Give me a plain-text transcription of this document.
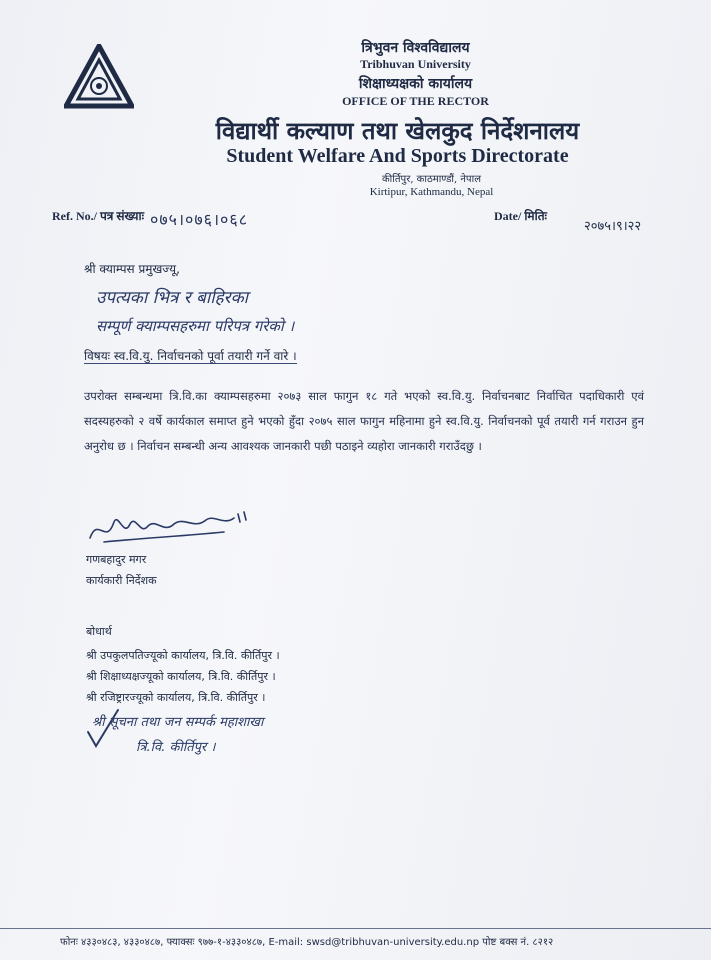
त्रिभुवन विश्वविद्यालय
Tribhuvan University
शिक्षाध्यक्षको कार्यालय
OFFICE OF THE RECTOR
विद्यार्थी कल्याण तथा खेलकुद निर्देशनालय
Student Welfare And Sports Directorate
कीर्तिपुर, काठमाण्डौं, नेपाल
Kirtipur, Kathmandu, Nepal
Ref. No./ पत्र संख्याः ०७५।०७६।०६८	Date/ मितिः
२०७५।९।२२
श्री क्याम्पस प्रमुखज्यू,
उपत्यका भित्र र बाहिरका
सम्पूर्ण क्याम्पसहरुमा परिपत्र गरेको ।
विषयः स्व.वि.यु. निर्वाचनको पूर्वा तयारी गर्ने वारे ।
उपरोक्त सम्बन्धमा त्रि.वि.का क्याम्पसहरुमा २०७३ साल फागुन १८ गते भएको स्व.वि.यु. निर्वाचनबाट निर्वाचित पदाधिकारी एवं सदस्यहरुको २ वर्षे कार्यकाल समाप्त हुने भएको हुँदा २०७५ साल फागुन महिनामा हुने स्व.वि.यु. निर्वाचनको पूर्व तयारी गर्न गराउन हुन अनुरोध छ । निर्वाचन सम्बन्धी अन्य आवश्यक जानकारी पछी पठाइने व्यहोरा जानकारी गराउँदछु ।
गणबहादुर मगर
कार्यकारी निर्देशक
बोधार्थ
श्री उपकुलपतिज्यूको कार्यालय, त्रि.वि. कीर्तिपुर ।
श्री शिक्षाध्यक्षज्यूको कार्यालय, त्रि.वि. कीर्तिपुर ।
श्री रजिष्ट्रारज्यूको कार्यालय, त्रि.वि. कीर्तिपुर ।
श्री सूचना तथा जन सम्पर्क महाशाखा
त्रि.वि. कीर्तिपुर ।
फोनः ४३३०४८३, ४३३०४८७, फ्याक्सः ९७७-१-४३३०४८७, E-mail: swsd@tribhuvan-university.edu.np पोष्ट बक्स नं. ८२१२
